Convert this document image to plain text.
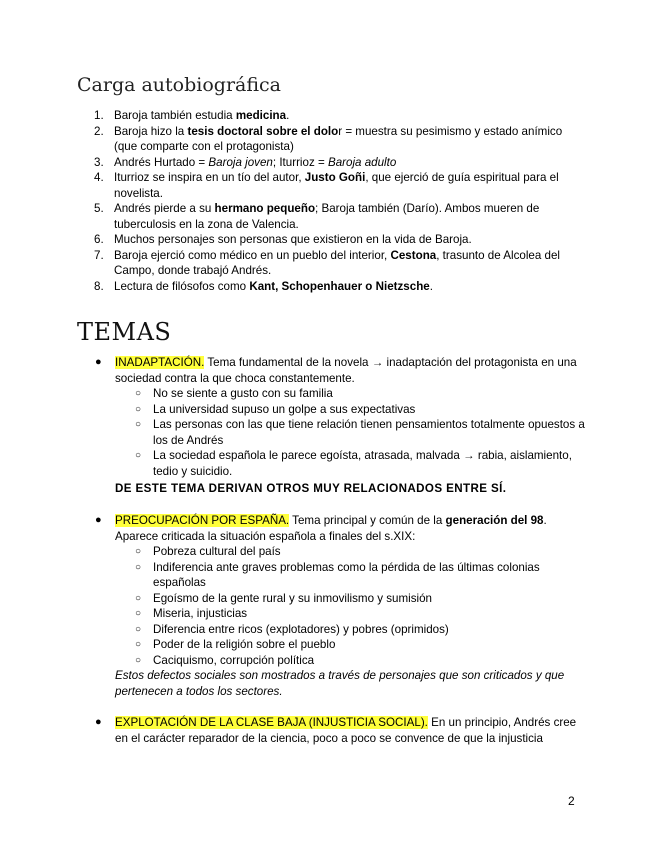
Carga autobiográfica
1. Baroja también estudia medicina.
2. Baroja hizo la tesis doctoral sobre el dolor = muestra su pesimismo y estado anímico (que comparte con el protagonista)
3. Andrés Hurtado = Baroja joven; Iturrioz = Baroja adulto
4. Iturrioz se inspira en un tío del autor, Justo Goñi, que ejerció de guía espiritual para el novelista.
5. Andrés pierde a su hermano pequeño; Baroja también (Darío). Ambos mueren de tuberculosis en la zona de Valencia.
6. Muchos personajes son personas que existieron en la vida de Baroja.
7. Baroja ejerció como médico en un pueblo del interior, Cestona, trasunto de Alcolea del Campo, donde trabajó Andrés.
8. Lectura de filósofos como Kant, Schopenhauer o Nietzsche.
TEMAS
● INADAPTACIÓN. Tema fundamental de la novela → inadaptación del protagonista en una sociedad contra la que choca constantemente.
○ No se siente a gusto con su familia
○ La universidad supuso un golpe a sus expectativas
○ Las personas con las que tiene relación tienen pensamientos totalmente opuestos a los de Andrés
○ La sociedad española le parece egoísta, atrasada, malvada → rabia, aislamiento, tedio y suicidio.
DE ESTE TEMA DERIVAN OTROS MUY RELACIONADOS ENTRE SÍ.
● PREOCUPACIÓN POR ESPAÑA. Tema principal y común de la generación del 98. Aparece criticada la situación española a finales del s.XIX:
○ Pobreza cultural del país
○ Indiferencia ante graves problemas como la pérdida de las últimas colonias españolas
○ Egoísmo de la gente rural y su inmovilismo y sumisión
○ Miseria, injusticias
○ Diferencia entre ricos (explotadores) y pobres (oprimidos)
○ Poder de la religión sobre el pueblo
○ Caciquismo, corrupción política
Estos defectos sociales son mostrados a través de personajes que son criticados y que pertenecen a todos los sectores.
● EXPLOTACIÓN DE LA CLASE BAJA (INJUSTICIA SOCIAL). En un principio, Andrés cree en el carácter reparador de la ciencia, poco a poco se convence de que la injusticia
2
